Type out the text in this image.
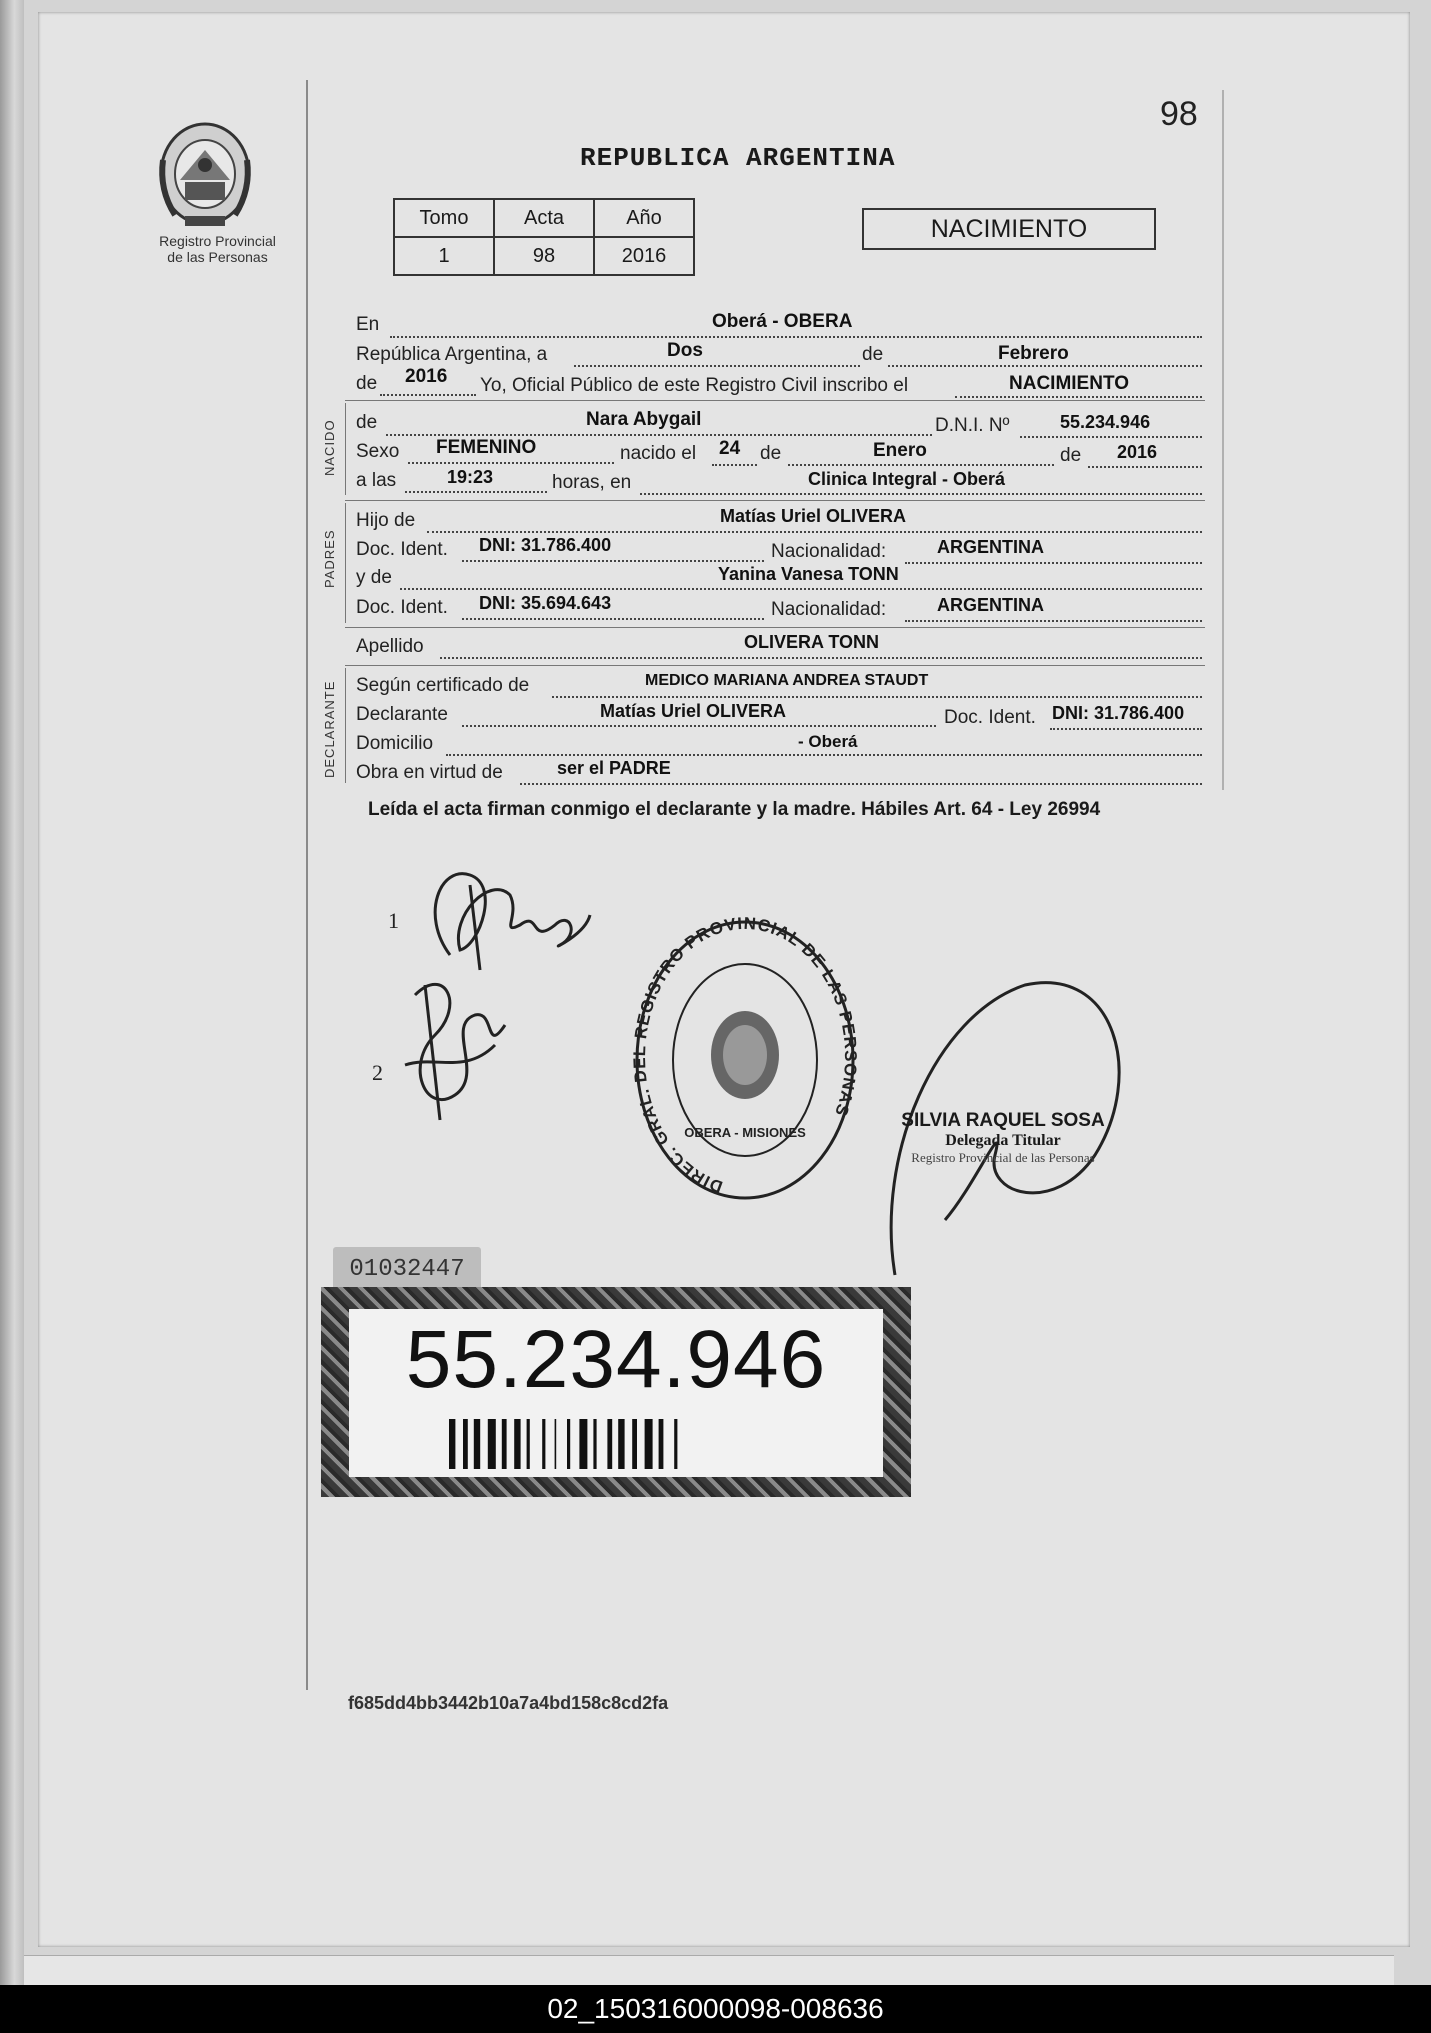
Registro Provincial
de las Personas
98
REPUBLICA ARGENTINA
Tomo	Acta	Año
1	98	2016
NACIMIENTO
En	Oberá - OBERA
República Argentina, a	Dos	de	Febrero
de 2016 Yo, Oficial Público de este Registro Civil inscribo el	NACIMIENTO
NACIDO de	Nara Abygail	D.N.I. Nº	55.234.946
Sexo FEMENINO	nacido el 24 de	Enero	de 2016
a las	19:23	horas, en	Clinica Integral - Oberá
PADRES
Hijo de	Matías Uriel OLIVERA
Doc. Ident. DNI: 31.786.400	Nacionalidad:	ARGENTINA
y de	Yanina Vanesa TONN
Doc. Ident. DNI: 35.694.643	Nacionalidad:	ARGENTINA
Apellido	OLIVERA TONN
DECLARANTE Según certificado de	MEDICO MARIANA ANDREA STAUDT
Declarante	Matías Uriel OLIVERA	Doc. Ident. DNI: 31.786.400
Domicilio	- Oberá
Obra en virtud de	ser el PADRE
Leída el acta firman conmigo el declarante y la madre. Hábiles Art. 64 - Ley 26994
1
2
DIREC. GRAL. DEL REGISTRO PROVINCIAL DE LAS PERSONAS
OBERA - MISIONES
SILVIA RAQUEL SOSA
Delegada Titular
Registro Provincial de las Personas
01032447
55.234.946
f685dd4bb3442b10a7a4bd158c8cd2fa
02_150316000098-008636
